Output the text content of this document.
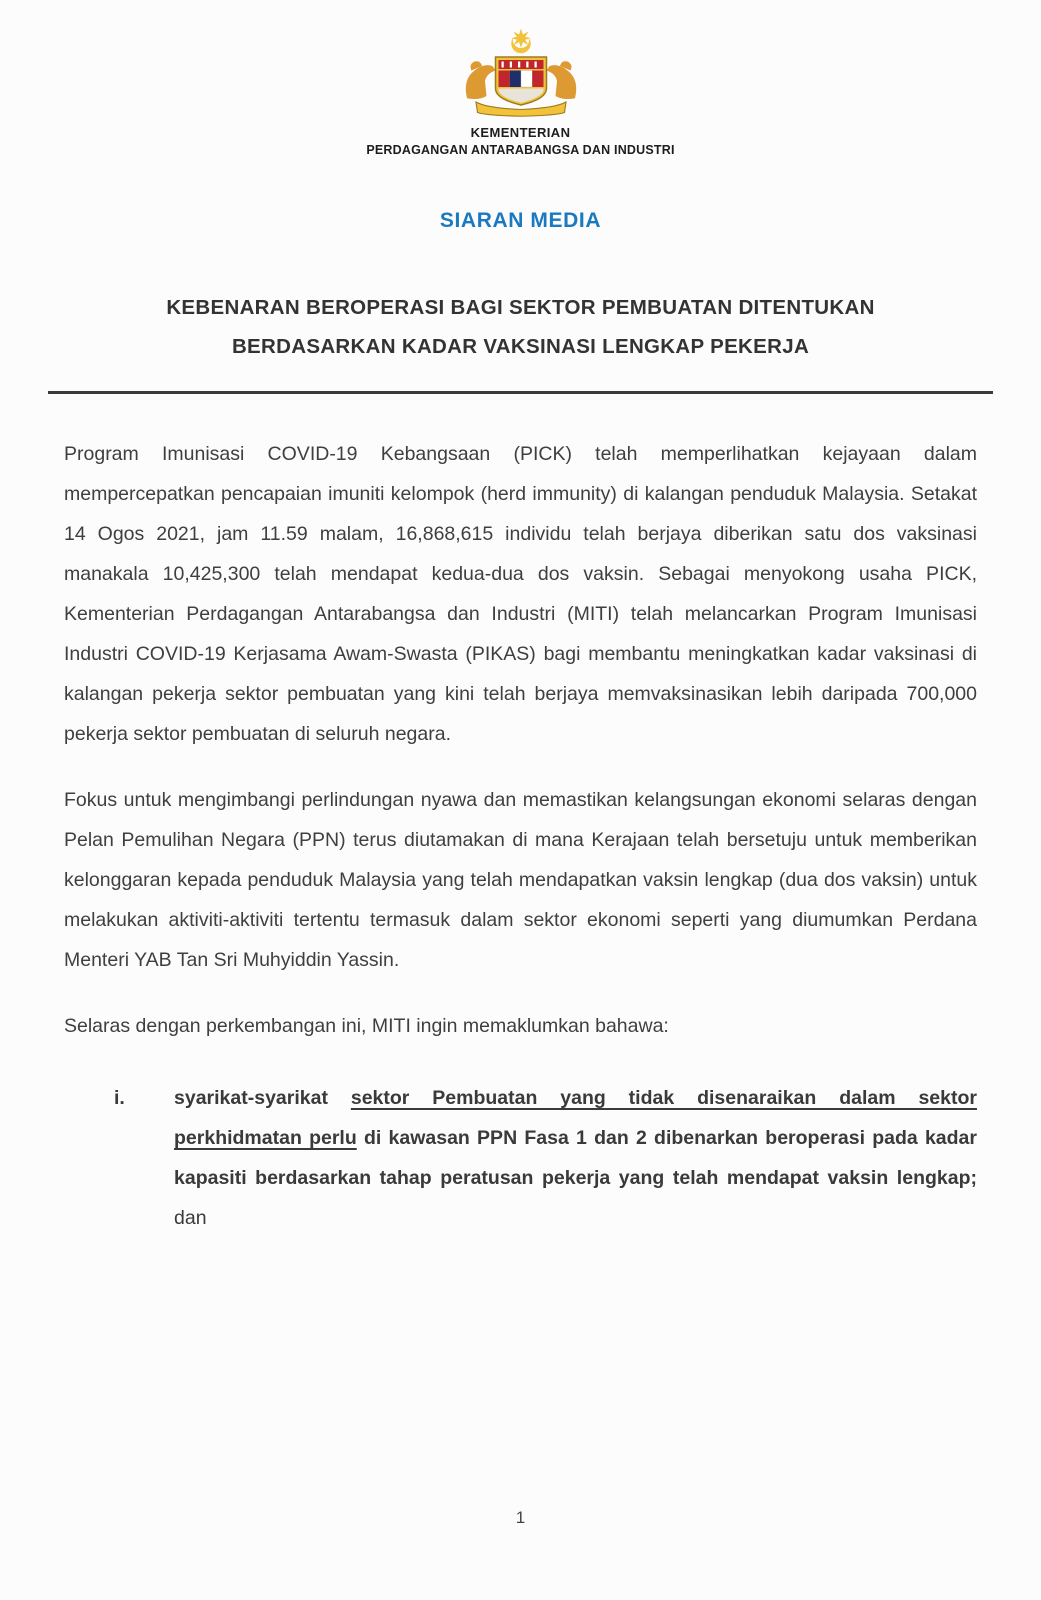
KEMENTERIAN
PERDAGANGAN ANTARABANGSA DAN INDUSTRI
SIARAN MEDIA
KEBENARAN BEROPERASI BAGI SEKTOR PEMBUATAN DITENTUKAN
BERDASARKAN KADAR VAKSINASI LENGKAP PEKERJA

Program Imunisasi COVID-19 Kebangsaan (PICK) telah memperlihatkan kejayaan dalam mempercepatkan pencapaian imuniti kelompok (herd immunity) di kalangan penduduk Malaysia. Setakat 14 Ogos 2021, jam 11.59 malam, 16,868,615 individu telah berjaya diberikan satu dos vaksinasi manakala 10,425,300 telah mendapat kedua-dua dos vaksin. Sebagai menyokong usaha PICK, Kementerian Perdagangan Antarabangsa dan Industri (MITI) telah melancarkan Program Imunisasi Industri COVID-19 Kerjasama Awam-Swasta (PIKAS) bagi membantu meningkatkan kadar vaksinasi di kalangan pekerja sektor pembuatan yang kini telah berjaya memvaksinasikan lebih daripada 700,000 pekerja sektor pembuatan di seluruh negara.

Fokus untuk mengimbangi perlindungan nyawa dan memastikan kelangsungan ekonomi selaras dengan Pelan Pemulihan Negara (PPN) terus diutamakan di mana Kerajaan telah bersetuju untuk memberikan kelonggaran kepada penduduk Malaysia yang telah mendapatkan vaksin lengkap (dua dos vaksin) untuk melakukan aktiviti-aktiviti tertentu termasuk dalam sektor ekonomi seperti yang diumumkan Perdana Menteri YAB Tan Sri Muhyiddin Yassin.

Selaras dengan perkembangan ini, MITI ingin memaklumkan bahawa:

i.	syarikat-syarikat sektor Pembuatan yang tidak disenaraikan dalam sektor perkhidmatan perlu di kawasan PPN Fasa 1 dan 2 dibenarkan beroperasi pada kadar kapasiti berdasarkan tahap peratusan pekerja yang telah mendapat vaksin lengkap; dan
1
